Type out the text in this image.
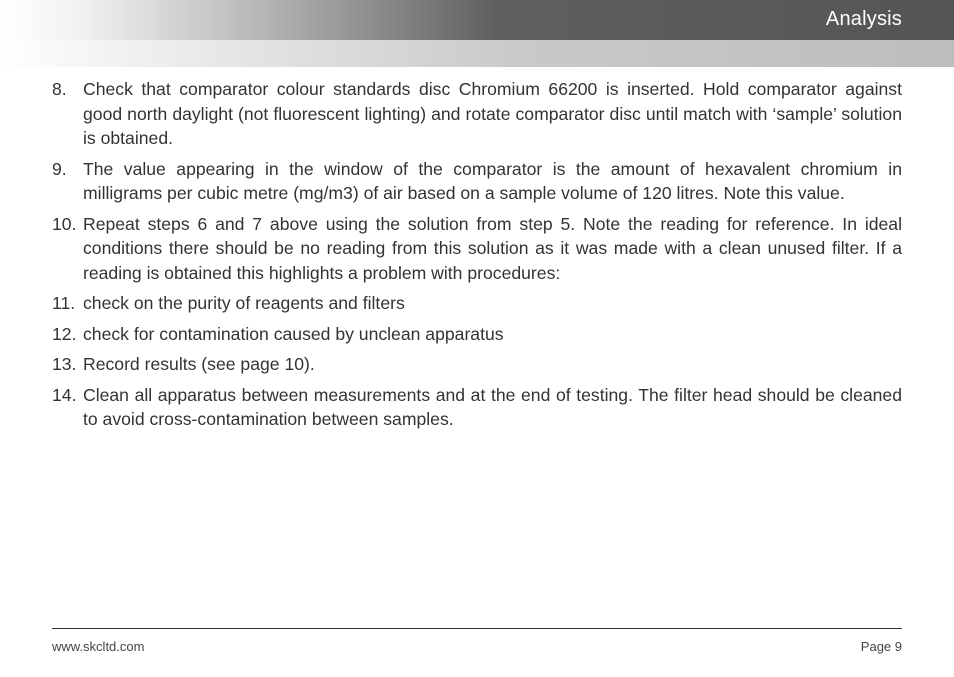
Analysis
8. Check that comparator colour standards disc Chromium 66200 is inserted. Hold comparator against good north daylight (not fluorescent lighting) and rotate comparator disc until match with ‘sample’ solution is obtained.
9. The value appearing in the window of the comparator is the amount of hexavalent chromium in milligrams per cubic metre (mg/m3) of air based on a sample volume of 120 litres. Note this value.
10. Repeat steps 6 and 7 above using the solution from step 5. Note the reading for reference. In ideal conditions there should be no reading from this solution as it was made with a clean unused filter. If a reading is obtained this highlights a problem with procedures:
11. check on the purity of reagents and filters
12. check for contamination caused by unclean apparatus
13. Record results (see page 10).
14. Clean all apparatus between measurements and at the end of testing. The filter head should be cleaned to avoid cross-contamination between samples.
www.skcltd.com	Page 9
